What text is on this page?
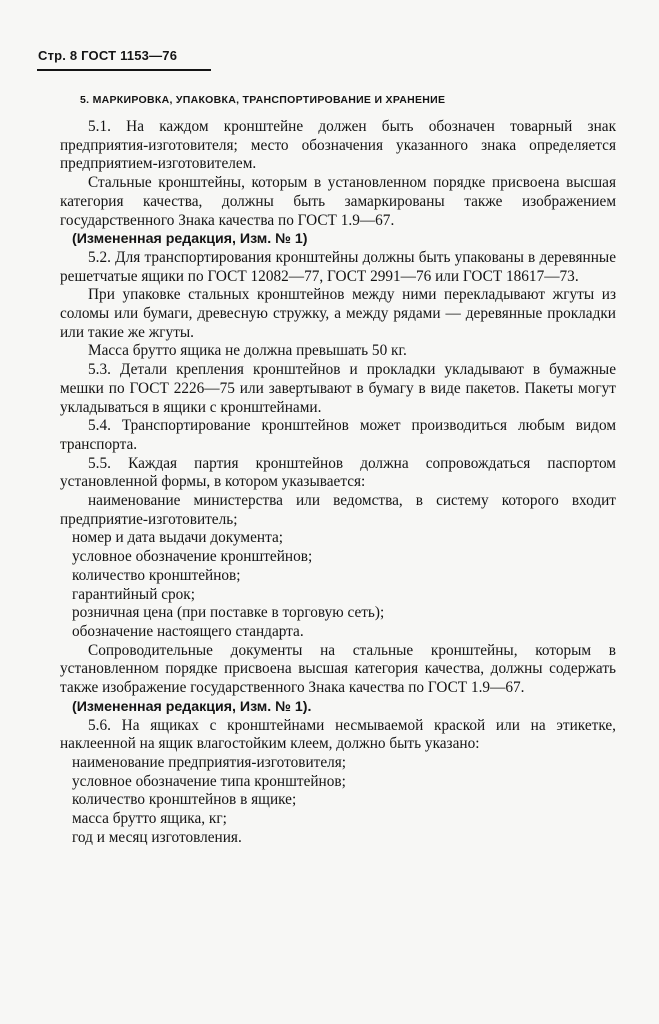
Стр. 8 ГОСТ 1153—76
5. МАРКИРОВКА, УПАКОВКА, ТРАНСПОРТИРОВАНИЕ И ХРАНЕНИЕ

5.1. На каждом кронштейне должен быть обозначен товарный знак предприятия-изготовителя; место обозначения указанного знака определяется предприятием-изготовителем.

Стальные кронштейны, которым в установленном порядке присвоена высшая категория качества, должны быть замаркированы также изображением государственного Знака качества по ГОСТ 1.9—67.

(Измененная редакция, Изм. № 1)

5.2. Для транспортирования кронштейны должны быть упакованы в деревянные решетчатые ящики по ГОСТ 12082—77, ГОСТ 2991—76 или ГОСТ 18617—73.

При упаковке стальных кронштейнов между ними перекладывают жгуты из соломы или бумаги, древесную стружку, а между рядами — деревянные прокладки или такие же жгуты.

Масса брутто ящика не должна превышать 50 кг.

5.3. Детали крепления кронштейнов и прокладки укладывают в бумажные мешки по ГОСТ 2226—75 или завертывают в бумагу в виде пакетов. Пакеты могут укладываться в ящики с кронштейнами.

5.4. Транспортирование кронштейнов может производиться любым видом транспорта.

5.5. Каждая партия кронштейнов должна сопровождаться паспортом установленной формы, в котором указывается:

наименование министерства или ведомства, в систему которого входит предприятие-изготовитель;

номер и дата выдачи документа;

условное обозначение кронштейнов;

количество кронштейнов;

гарантийный срок;

розничная цена (при поставке в торговую сеть);

обозначение настоящего стандарта.

Сопроводительные документы на стальные кронштейны, которым в установленном порядке присвоена высшая категория качества, должны содержать также изображение государственного Знака качества по ГОСТ 1.9—67.

(Измененная редакция, Изм. № 1).

5.6. На ящиках с кронштейнами несмываемой краской или на этикетке, наклеенной на ящик влагостойким клеем, должно быть указано:

наименование предприятия-изготовителя;

условное обозначение типа кронштейнов;

количество кронштейнов в ящике;

масса брутто ящика, кг;

год и месяц изготовления.
